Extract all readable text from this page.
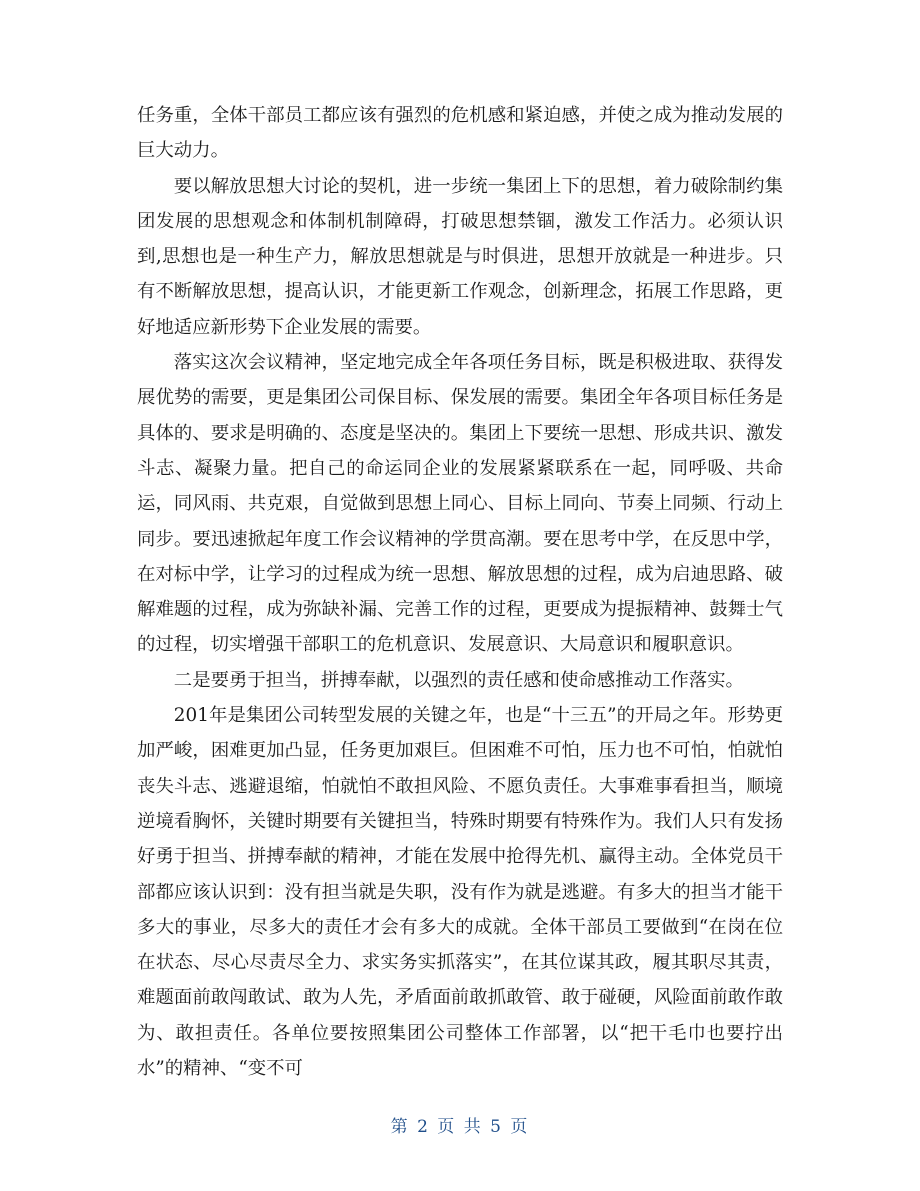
任务重，全体干部员工都应该有强烈的危机感和紧迫感，并使之成为推动发展的巨大动力。

要以解放思想大讨论的契机，进一步统一集团上下的思想，着力破除制约集团发展的思想观念和体制机制障碍，打破思想禁锢，激发工作活力。必须认识到,思想也是一种生产力，解放思想就是与时俱进，思想开放就是一种进步。只有不断解放思想，提高认识，才能更新工作观念，创新理念，拓展工作思路，更好地适应新形势下企业发展的需要。

落实这次会议精神，坚定地完成全年各项任务目标，既是积极进取、获得发展优势的需要，更是集团公司保目标、保发展的需要。集团全年各项目标任务是具体的、要求是明确的、态度是坚决的。集团上下要统一思想、形成共识、激发斗志、凝聚力量。把自己的命运同企业的发展紧紧联系在一起，同呼吸、共命运，同风雨、共克艰，自觉做到思想上同心、目标上同向、节奏上同频、行动上同步。要迅速掀起年度工作会议精神的学贯高潮。要在思考中学，在反思中学，在对标中学，让学习的过程成为统一思想、解放思想的过程，成为启迪思路、破解难题的过程，成为弥缺补漏、完善工作的过程，更要成为提振精神、鼓舞士气的过程，切实增强干部职工的危机意识、发展意识、大局意识和履职意识。

二是要勇于担当，拼搏奉献，以强烈的责任感和使命感推动工作落实。

201年是集团公司转型发展的关键之年，也是“十三五”的开局之年。形势更加严峻，困难更加凸显，任务更加艰巨。但困难不可怕，压力也不可怕，怕就怕丧失斗志、逃避退缩，怕就怕不敢担风险、不愿负责任。大事难事看担当，顺境逆境看胸怀，关键时期要有关键担当，特殊时期要有特殊作为。我们人只有发扬好勇于担当、拼搏奉献的精神，才能在发展中抢得先机、赢得主动。全体党员干部都应该认识到：没有担当就是失职，没有作为就是逃避。有多大的担当才能干多大的事业，尽多大的责任才会有多大的成就。全体干部员工要做到“在岗在位在状态、尽心尽责尽全力、求实务实抓落实”，在其位谋其政，履其职尽其责，难题面前敢闯敢试、敢为人先，矛盾面前敢抓敢管、敢于碰硬，风险面前敢作敢为、敢担责任。各单位要按照集团公司整体工作部署，以“把干毛巾也要拧出水”的精神、“变不可

第 2 页 共 5 页
